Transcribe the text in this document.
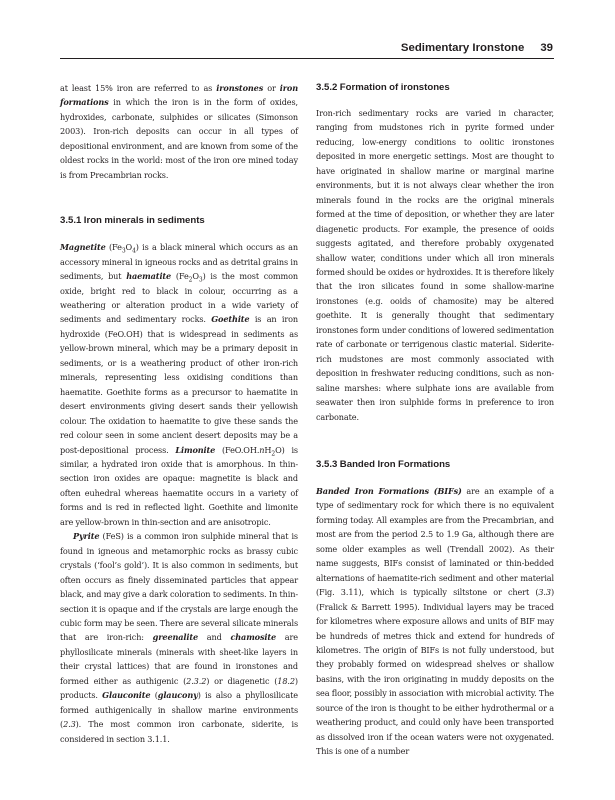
Sedimentary Ironstone 39

at least 15% iron are referred to as ironstones or iron formations in which the iron is in the form of oxides, hydroxides, carbonate, sulphides or silicates (Simonson 2003). Iron-rich deposits can occur in all types of depositional environment, and are known from some of the oldest rocks in the world: most of the iron ore mined today is from Precambrian rocks.

3.5.1 Iron minerals in sediments

Magnetite $(Fe_3O_4)$ is a black mineral which occurs as an accessory mineral in igneous rocks and as detrital grains in sediments, but haematite $(Fe_2O_3)$ is the most common oxide, bright red to black in colour, occurring as a weathering or alteration product in a wide variety of sediments and sedimentary rocks. Goethite is an iron hydroxide (FeO.OH) that is widespread in sediments as yellow-brown mineral, which may be a primary deposit in sediments, or is a weathering product of other iron-rich minerals, representing less oxidising conditions than haematite. Goethite forms as a precursor to haematite in desert environments giving desert sands their yellowish colour. The oxidation to haematite to give these sands the red colour seen in some ancient desert deposits may be a post-depositional process. Limonite $(FeO.OH.nH_2O)$ is similar, a hydrated iron oxide that is amorphous. In thin-section iron oxides are opaque: magnetite is black and often euhedral whereas haematite occurs in a variety of forms and is red in reflected light. Goethite and limonite are yellow-brown in thin-section and are anisotropic.

Pyrite (FeS) is a common iron sulphide mineral that is found in igneous and metamorphic rocks as brassy cubic crystals (‘fool’s gold’). It is also common in sediments, but often occurs as finely disseminated particles that appear black, and may give a dark coloration to sediments. In thin-section it is opaque and if the crystals are large enough the cubic form may be seen. There are several silicate minerals that are iron-rich: greenalite and chamosite are phyllosilicate minerals (minerals with sheet-like layers in their crystal lattices) that are found in ironstones and formed either as authigenic (2.3.2) or diagenetic (18.2) products. Glauconite (glaucony) is also a phyllosilicate formed authigenically in shallow marine environments (2.3). The most common iron carbonate, siderite, is considered in section 3.1.1.

3.5.2 Formation of ironstones

Iron-rich sedimentary rocks are varied in character, ranging from mudstones rich in pyrite formed under reducing, low-energy conditions to oolitic ironstones deposited in more energetic settings. Most are thought to have originated in shallow marine or marginal marine environments, but it is not always clear whether the iron minerals found in the rocks are the original minerals formed at the time of deposition, or whether they are later diagenetic products. For example, the presence of ooids suggests agitated, and therefore probably oxygenated shallow water, conditions under which all iron minerals formed should be oxides or hydroxides. It is therefore likely that the iron silicates found in some shallow-marine ironstones (e.g. ooids of chamosite) may be altered goethite. It is generally thought that sedimentary ironstones form under conditions of lowered sedimentation rate of carbonate or terrigenous clastic material. Siderite-rich mudstones are most commonly associated with deposition in freshwater reducing conditions, such as non-saline marshes: where sulphate ions are available from seawater then iron sulphide forms in preference to iron carbonate.

3.5.3 Banded Iron Formations

Banded Iron Formations (BIFs) are an example of a type of sedimentary rock for which there is no equivalent forming today. All examples are from the Precambrian, and most are from the period 2.5 to 1.9 Ga, although there are some older examples as well (Trendall 2002). As their name suggests, BIFs consist of laminated or thin-bedded alternations of haematite-rich sediment and other material (Fig. 3.11), which is typically siltstone or chert (3.3) (Fralick & Barrett 1995). Individual layers may be traced for kilometres where exposure allows and units of BIF may be hundreds of metres thick and extend for hundreds of kilometres. The origin of BIFs is not fully understood, but they probably formed on widespread shelves or shallow basins, with the iron originating in muddy deposits on the sea floor, possibly in association with microbial activity. The source of the iron is thought to be either hydrothermal or a weathering product, and could only have been transported as dissolved iron if the ocean waters were not oxygenated. This is one of a number
